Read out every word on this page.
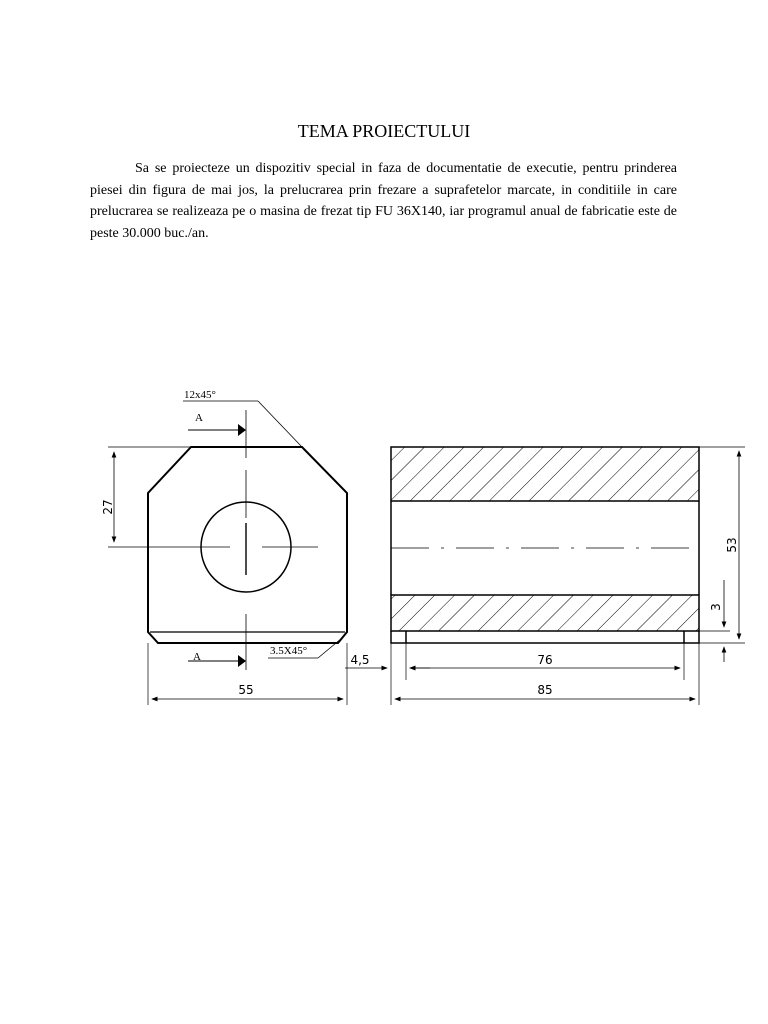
TEMA PROIECTULUI
Sa se proiecteze un dispozitiv special in faza de documentatie de executie, pentru prinderea piesei din figura de mai jos, la prelucrarea prin frezare a suprafetelor marcate, in conditiile in care prelucrarea se realizeaza pe o masina de frezat tip FU 36X140, iar programul anual de fabricatie este de peste 30.000 buc./an.
A
A
12x45°
3.5X45°
27
55
4,5	76
85
53
3
